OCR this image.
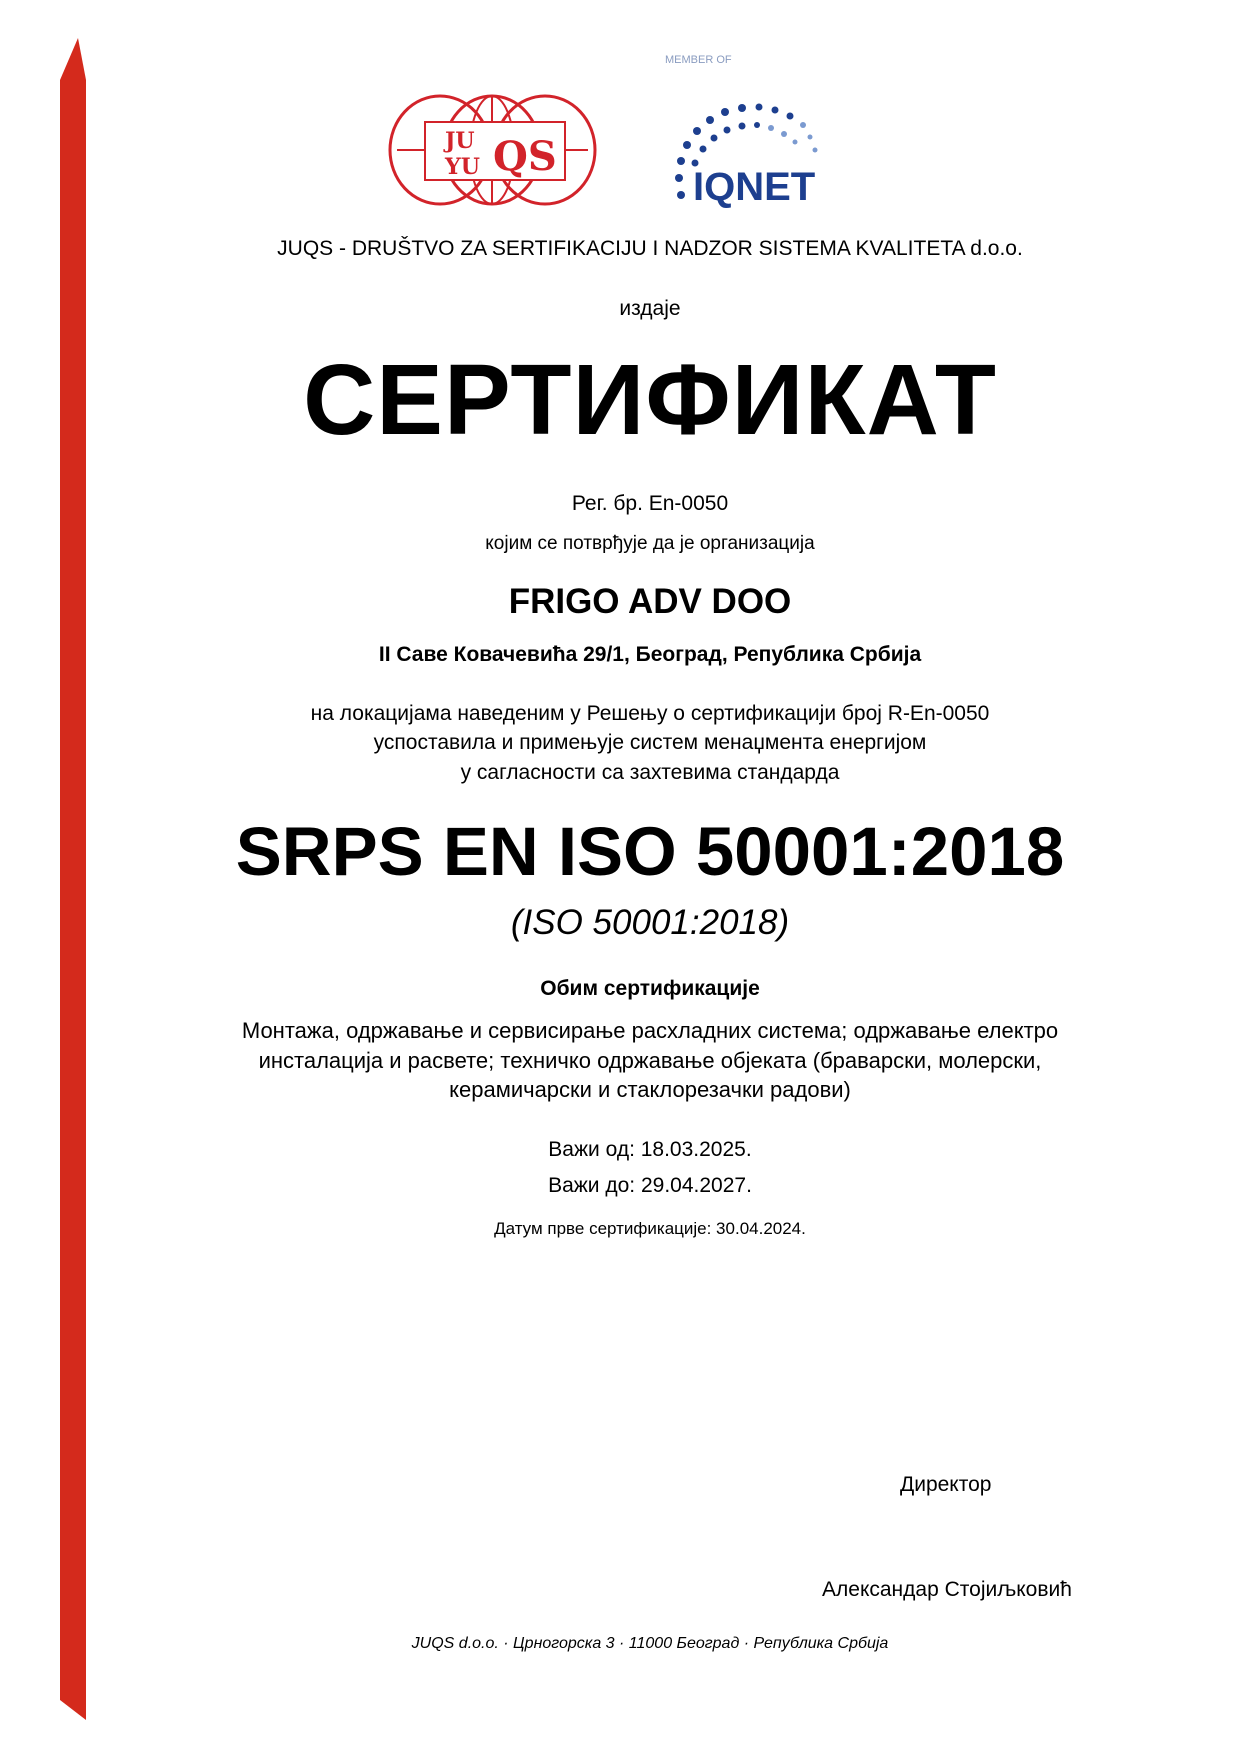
JU
YU QS
MEMBER OF
IQNET
JUQS - DRUŠTVO ZA SERTIFIKACIJU I NADZOR SISTEMA KVALITETA d.o.o.
издаје
СЕРТИФИКАТ
Рег. бр. En-0050
којим се потврђује да је организација
FRIGO ADV DOO
II Саве Ковачевића 29/1, Београд, Република Србија
на локацијама наведеним у Решењу о сертификацији број R-En-0050
успоставила и примењује систем менаџмента енергијом
у сагласности са захтевима стандарда
SRPS EN ISO 50001:2018
(ISO 50001:2018)
Обим сертификације
Монтажа, одржавање и сервисирање расхладних система; одржавање електро
инсталација и расвете; техничко одржавање објеката (браварски, молерски,
керамичарски и стаклорезачки радови)
Важи од: 18.03.2025.
Важи до: 29.04.2027.
Датум прве сертификације: 30.04.2024.
Директор
Александар Стојиљковић
JUQS d.o.o. · Црногорска 3 · 11000 Београд · Република Србија
